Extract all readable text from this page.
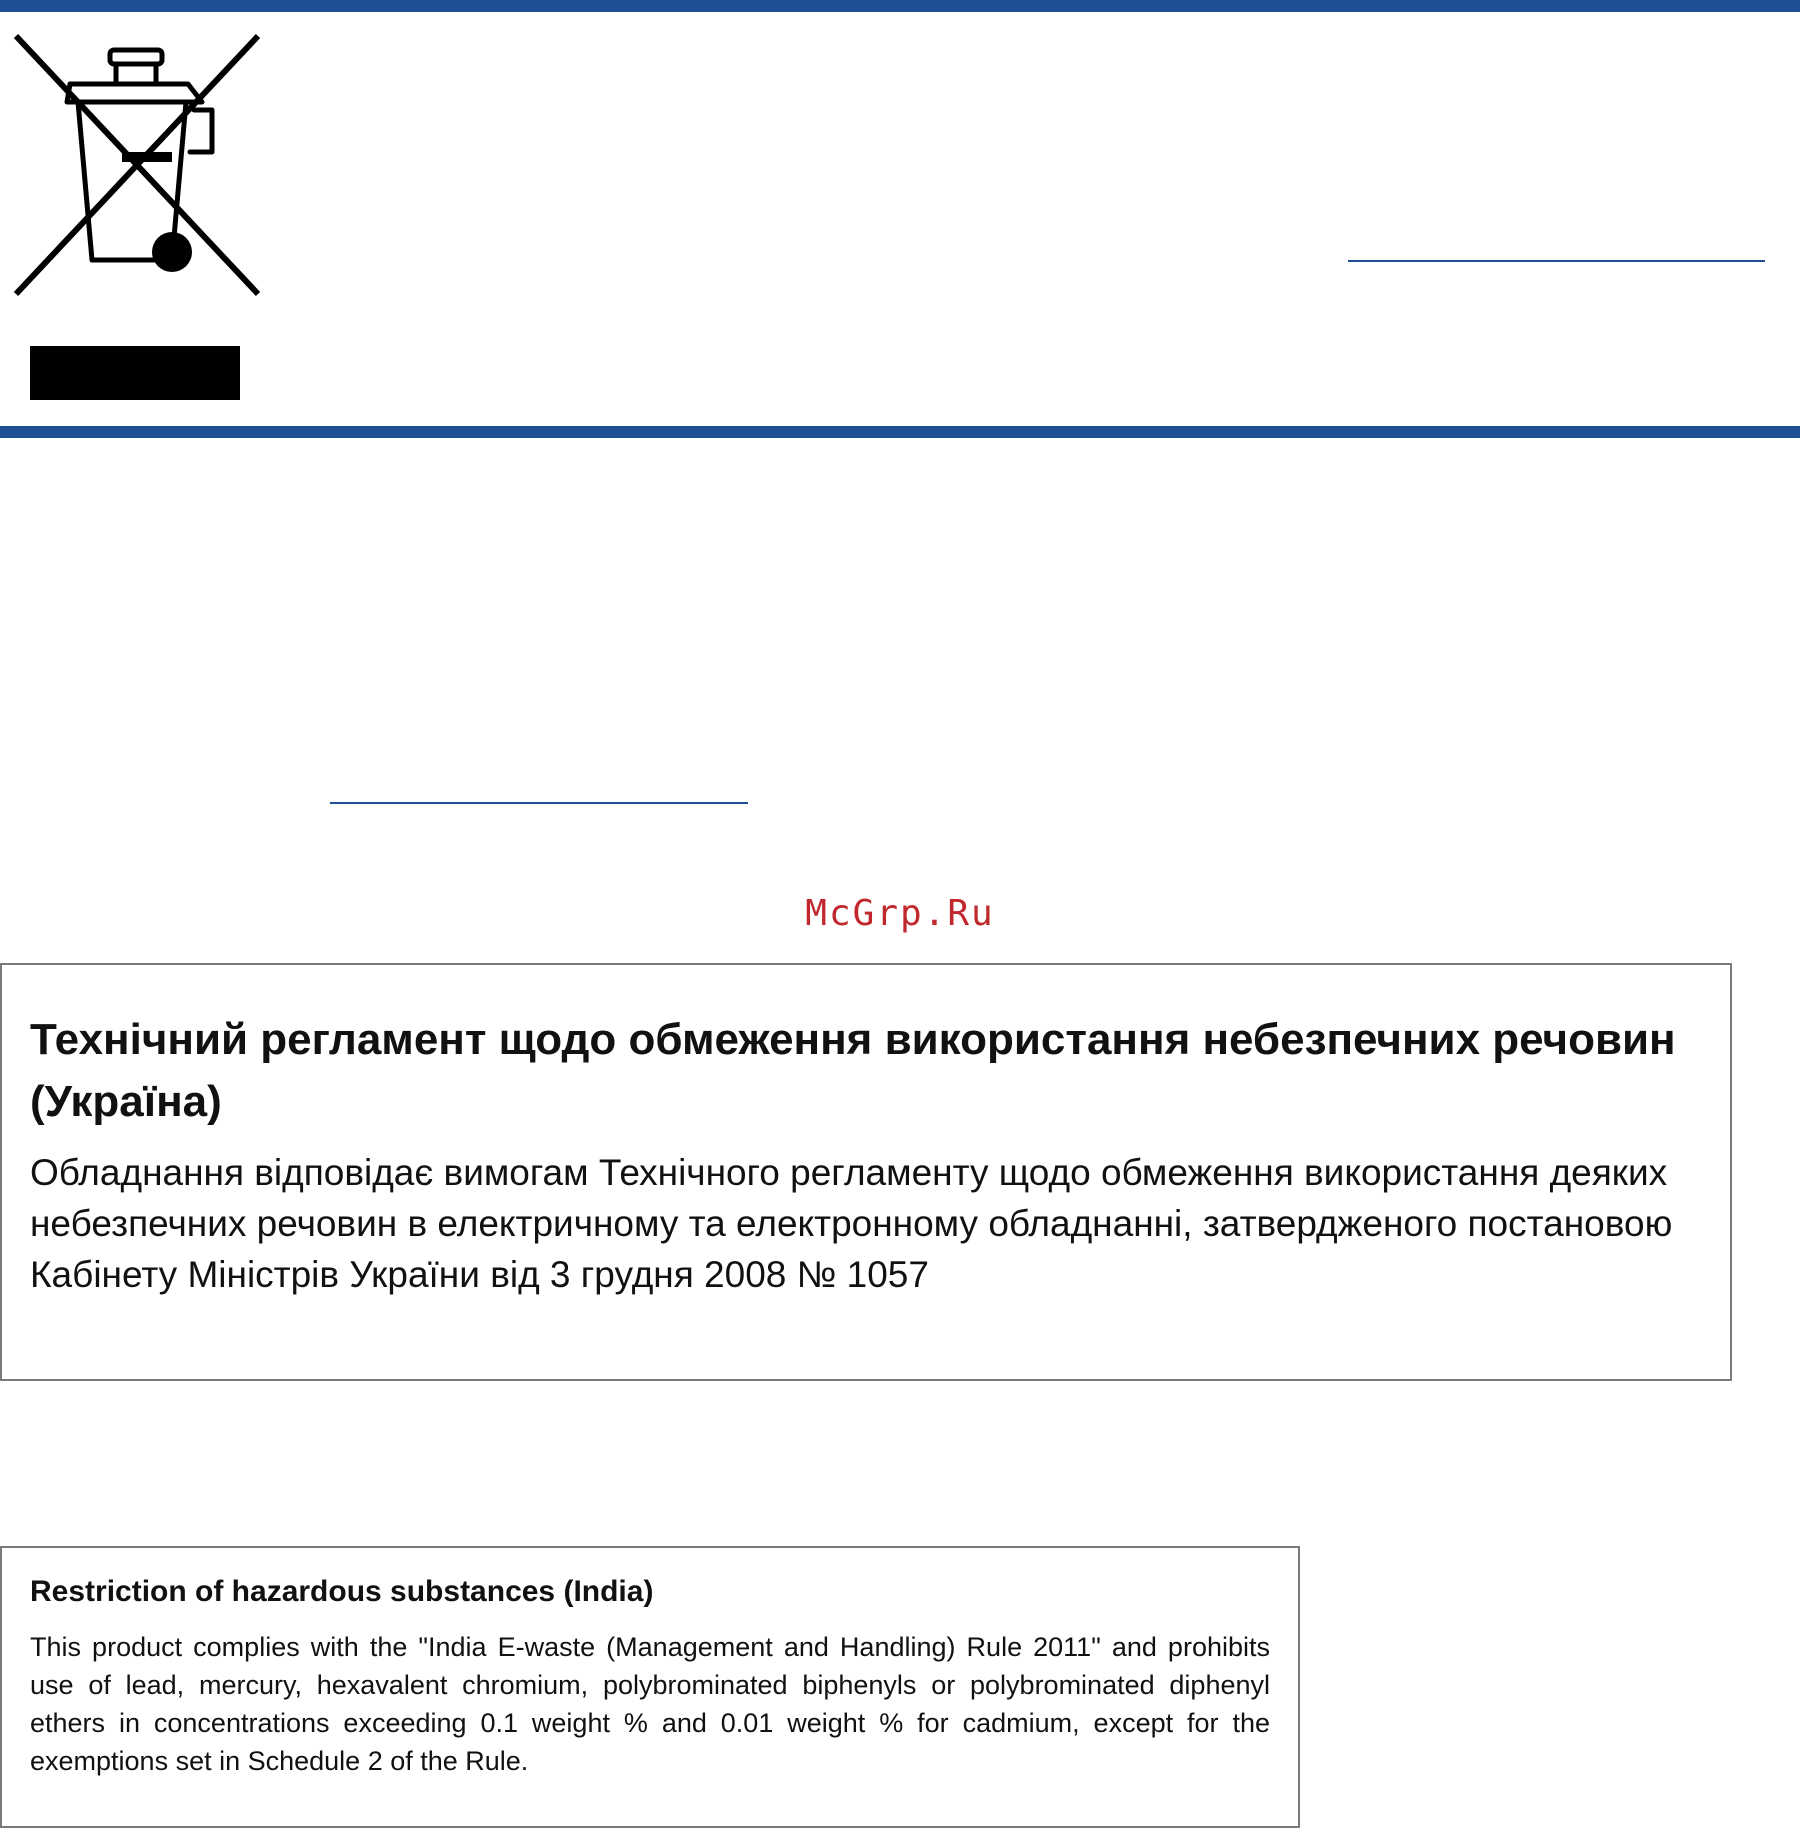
McGrp.Ru
Технічний регламент щодо обмеження використання небезпечних речовин (Україна)

Обладнання відповідає вимогам Технічного регламенту щодо обмеження використання деяких небезпечних речовин в електричному та електронному обладнанні, затвердженого постановою Кабінету Міністрів України від 3 грудня 2008 № 1057

Restriction of hazardous substances (India)

This product complies with the "India E-waste (Management and Handling) Rule 2011" and prohibits use of lead, mercury, hexavalent chromium, polybrominated biphenyls or polybrominated diphenyl ethers in concentrations exceeding 0.1 weight % and 0.01 weight % for cadmium, except for the exemptions set in Schedule 2 of the Rule.
